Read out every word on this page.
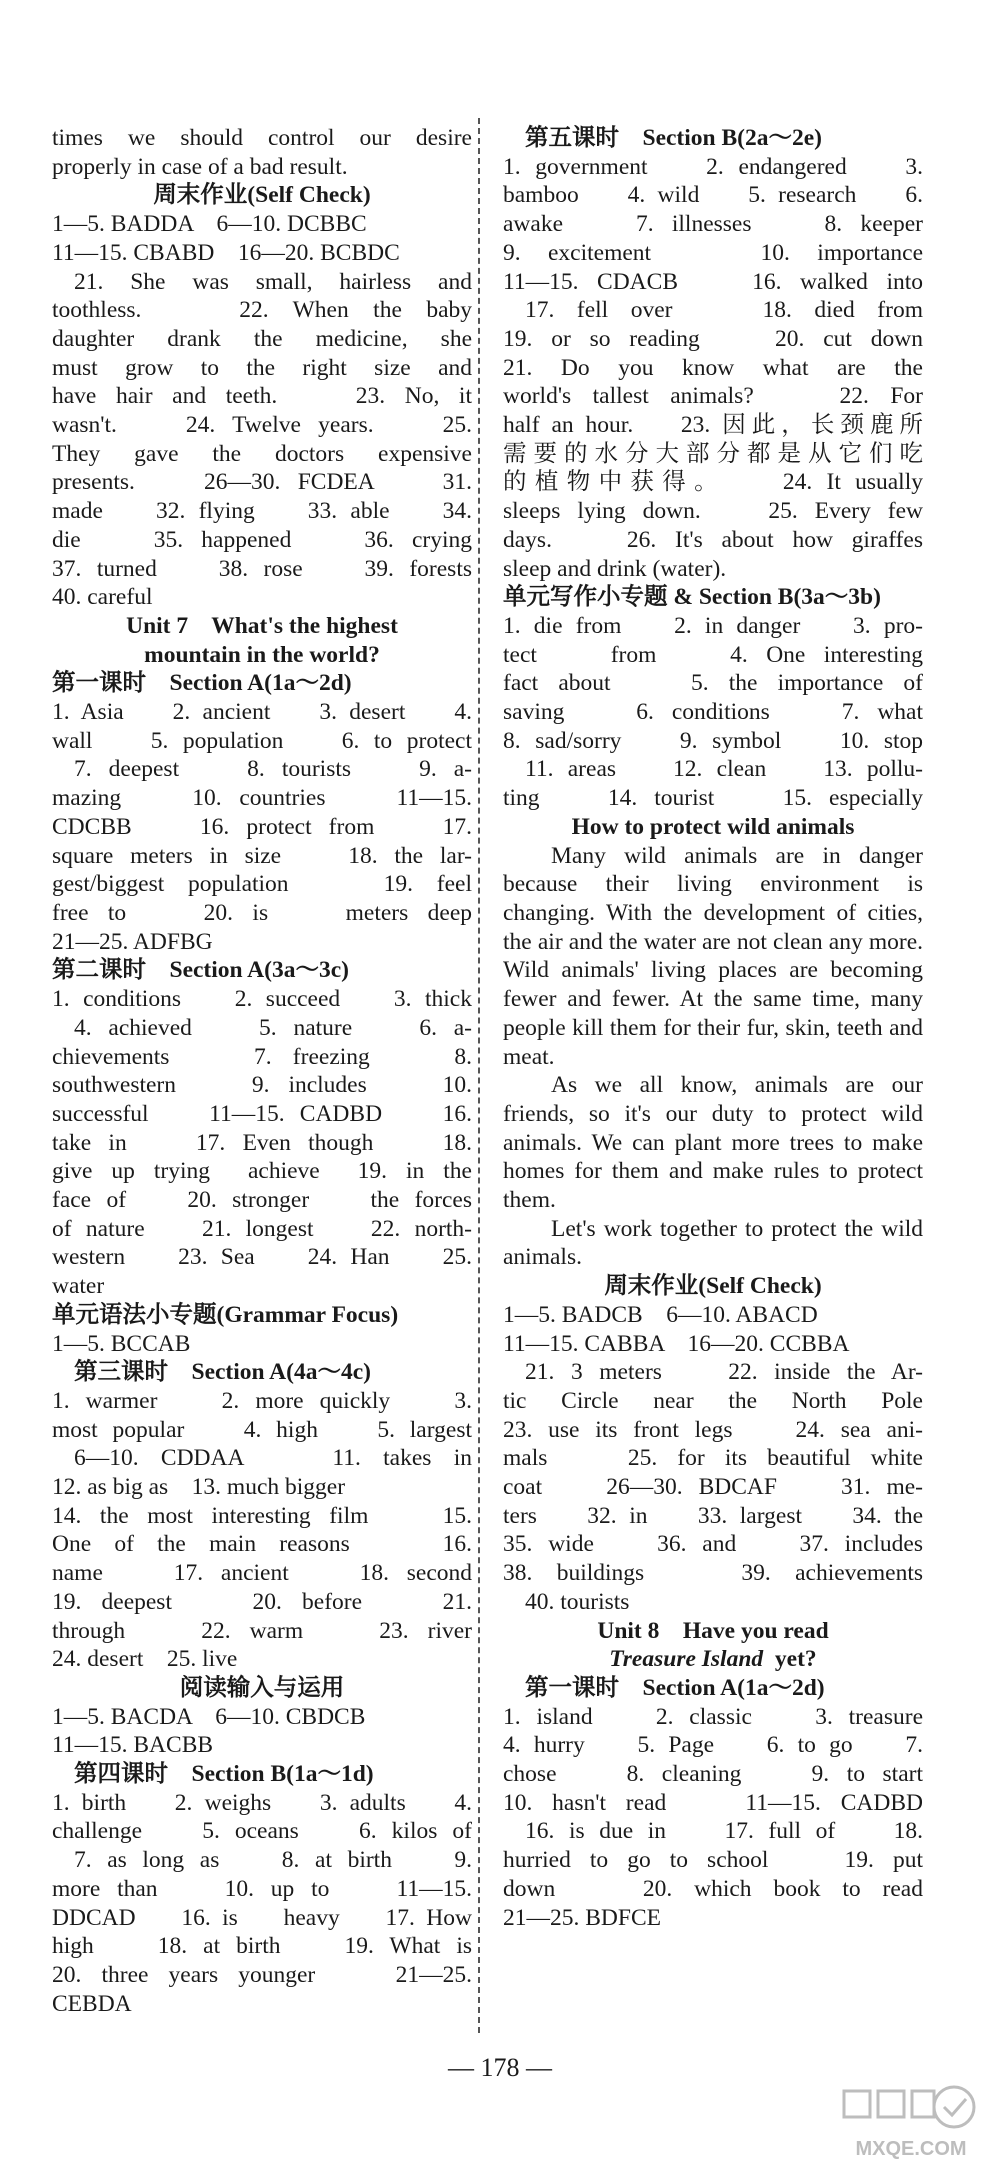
times we should control our desire
properly in case of a bad result.
周末作业(Self Check)
1—5. BADDA    6—10. DCBBC
11—15. CBABD    16—20. BCBDC
21. She was small, hairless and
toothless.    22. When the baby
daughter drank the medicine, she
must grow to the right size and
have hair and teeth.    23. No, it
wasn't.    24. Twelve years.    25.
They gave the doctors expensive
presents.    26—30. FCDEA    31.
made    32. flying    33. able    34.
die    35. happened    36. crying
37. turned    38. rose    39. forests
40. careful
Unit 7    What's the highest
mountain in the world?
第一课时    Section A(1a～2d)
1. Asia    2. ancient    3. desert    4.
wall    5. population    6. to protect
7. deepest    8. tourists    9. a-
mazing    10. countries    11—15.
CDCBB    16. protect from    17.
square meters in size    18. the lar-
gest/biggest population    19. feel
free to    20. is    meters deep
21—25. ADFBG
第二课时    Section A(3a～3c)
1. conditions    2. succeed    3. thick
4. achieved    5. nature    6. a-
chievements    7. freezing    8.
southwestern    9. includes    10.
successful    11—15. CADBD    16.
take in    17. Even though    18.
give up trying  achieve  19. in the
face of    20. stronger    the forces
of nature    21. longest    22. north-
western    23. Sea    24. Han    25.
water
单元语法小专题(Grammar Focus)
1—5. BCCAB
第三课时    Section A(4a～4c)
1. warmer    2. more quickly    3.
most popular    4. high    5. largest
6—10. CDDAA    11. takes in
12. as big as    13. much bigger
14. the most interesting film    15.
One of the main reasons    16.
name    17. ancient    18. second
19. deepest    20. before    21.
through    22. warm    23. river
24. desert    25. live
阅读输入与运用
1—5. BACDA    6—10. CBDCB
11—15. BACBB
第四课时    Section B(1a～1d)
1. birth    2. weighs    3. adults    4.
challenge    5. oceans    6. kilos of
7. as long as    8. at birth    9.
more than    10. up to    11—15.
DDCAD    16. is    heavy    17. How
high    18. at birth    19. What is
20. three years younger    21—25.
CEBDA
第五课时    Section B(2a～2e)
1. government    2. endangered    3.
bamboo    4. wild    5. research    6.
awake    7. illnesses    8. keeper
9. excitement    10. importance
11—15. CDACB    16. walked into
17. fell over    18. died from
19. or so reading    20. cut down
21. Do you know what are the
world's tallest animals?    22. For
half an hour.    23. 因此，长颈鹿所
需要的水分大部分都是从它们吃
的植物中获得。    24. It usually
sleeps lying down.    25. Every few
days.    26. It's about how giraffes
sleep and drink (water).
单元写作小专题 & Section B(3a～3b)
1. die from    2. in danger    3. pro-
tect    from    4. One interesting
fact about    5. the importance of
saving    6. conditions    7. what
8. sad/sorry    9. symbol    10. stop
11. areas    12. clean    13. pollu-
ting    14. tourist    15. especially
How to protect wild animals
Many wild animals are in danger because their living environment is changing. With the development of cities, the air and the water are not clean any more. Wild animals' living places are becoming fewer and fewer. At the same time, many people kill them for their fur, skin, teeth and meat.
As we all know, animals are our friends, so it's our duty to protect wild animals. We can plant more trees to make homes for them and make rules to protect them.
Let's work together to protect the wild animals.
周末作业(Self Check)
1—5. BADCB    6—10. ABACD
11—15. CABBA    16—20. CCBBA
21. 3 meters    22. inside the Ar-
tic Circle near the North Pole
23. use its front legs    24. sea ani-
mals    25. for its beautiful white
coat    26—30. BDCAF    31. me-
ters    32. in    33. largest    34. the
35. wide    36. and    37. includes
38. buildings    39. achievements
40. tourists
Unit 8    Have you read
Treasure Island  yet?
第一课时    Section A(1a～2d)
1. island    2. classic    3. treasure
4. hurry    5. Page    6. to go    7.
chose    8. cleaning    9. to start
10. hasn't read    11—15. CADBD
16. is due in    17. full of    18.
hurried to go to school    19. put
down    20. which book to read
21—25. BDFCE
— 178 —
MXQE.COM
